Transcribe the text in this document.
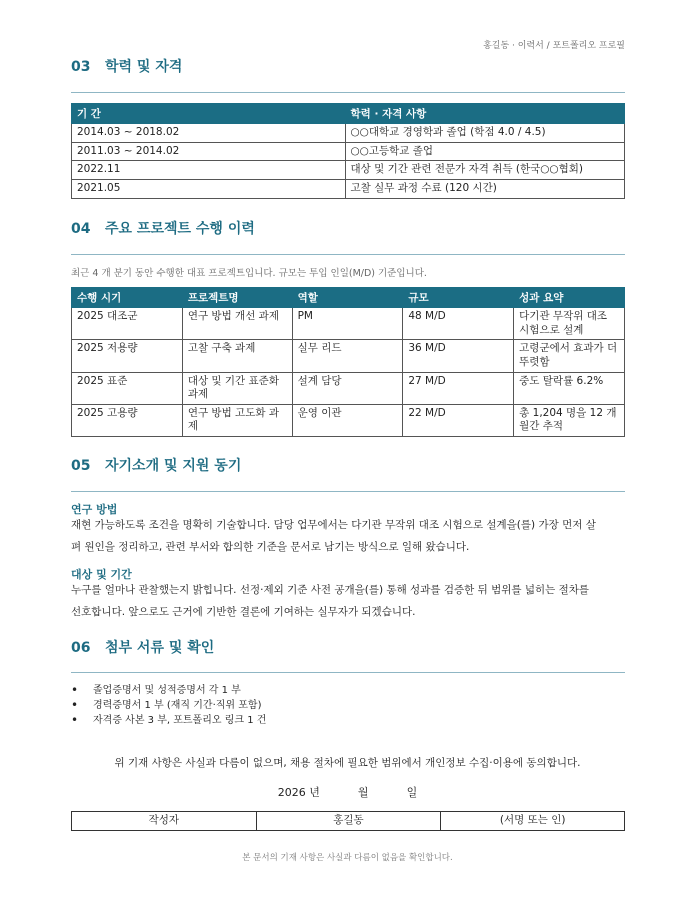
홍길동 · 이력서 / 포트폴리오 프로필
03 학력 및 자격
기 간	학력 · 자격 사항
2014.03 ~ 2018.02	○○대학교 경영학과 졸업 (학점 4.0 / 4.5)
2011.03 ~ 2014.02	○○고등학교 졸업
2022.11	대상 및 기간 관련 전문가 자격 취득 (한국○○협회)
2021.05	고찰 실무 과정 수료 (120 시간)
04 주요 프로젝트 수행 이력
최근 4 개 분기 동안 수행한 대표 프로젝트입니다. 규모는 투입 인일(M/D) 기준입니다.
수행 시기	프로젝트명	역할	규모	성과 요약
2025 대조군	연구 방법 개선 과제	PM	48 M/D	다기관 무작위 대조 시험으로 설계
2025 저용량	고찰 구축 과제	실무 리드	36 M/D	고령군에서 효과가 더 뚜렷함
2025 표준	대상 및 기간 표준화 과제	설계 담당	27 M/D	중도 탈락률 6.2%
2025 고용량	연구 방법 고도화 과제	운영 이관	22 M/D	총 1,204 명을 12 개월간 추적
05 자기소개 및 지원 동기
연구 방법
재현 가능하도록 조건을 명확히 기술합니다. 담당 업무에서는 다기관 무작위 대조 시험으로 설계을(를) 가장 먼저 살
펴 원인을 정리하고, 관련 부서와 합의한 기준을 문서로 남기는 방식으로 일해 왔습니다.
대상 및 기간
누구를 얼마나 관찰했는지 밝힙니다. 선정·제외 기준 사전 공개을(를) 통해 성과를 검증한 뒤 범위를 넓히는 절차를
선호합니다. 앞으로도 근거에 기반한 결론에 기여하는 실무자가 되겠습니다.
06 첨부 서류 및 확인
• 졸업증명서 및 성적증명서 각 1 부
• 경력증명서 1 부 (재직 기간·직위 포함)
• 자격증 사본 3 부, 포트폴리오 링크 1 건
위 기재 사항은 사실과 다름이 없으며, 채용 절차에 필요한 범위에서 개인정보 수집·이용에 동의합니다.
2026 년	월	일
작성자	홍길동	(서명 또는 인)
본 문서의 기재 사항은 사실과 다름이 없음을 확인합니다.
